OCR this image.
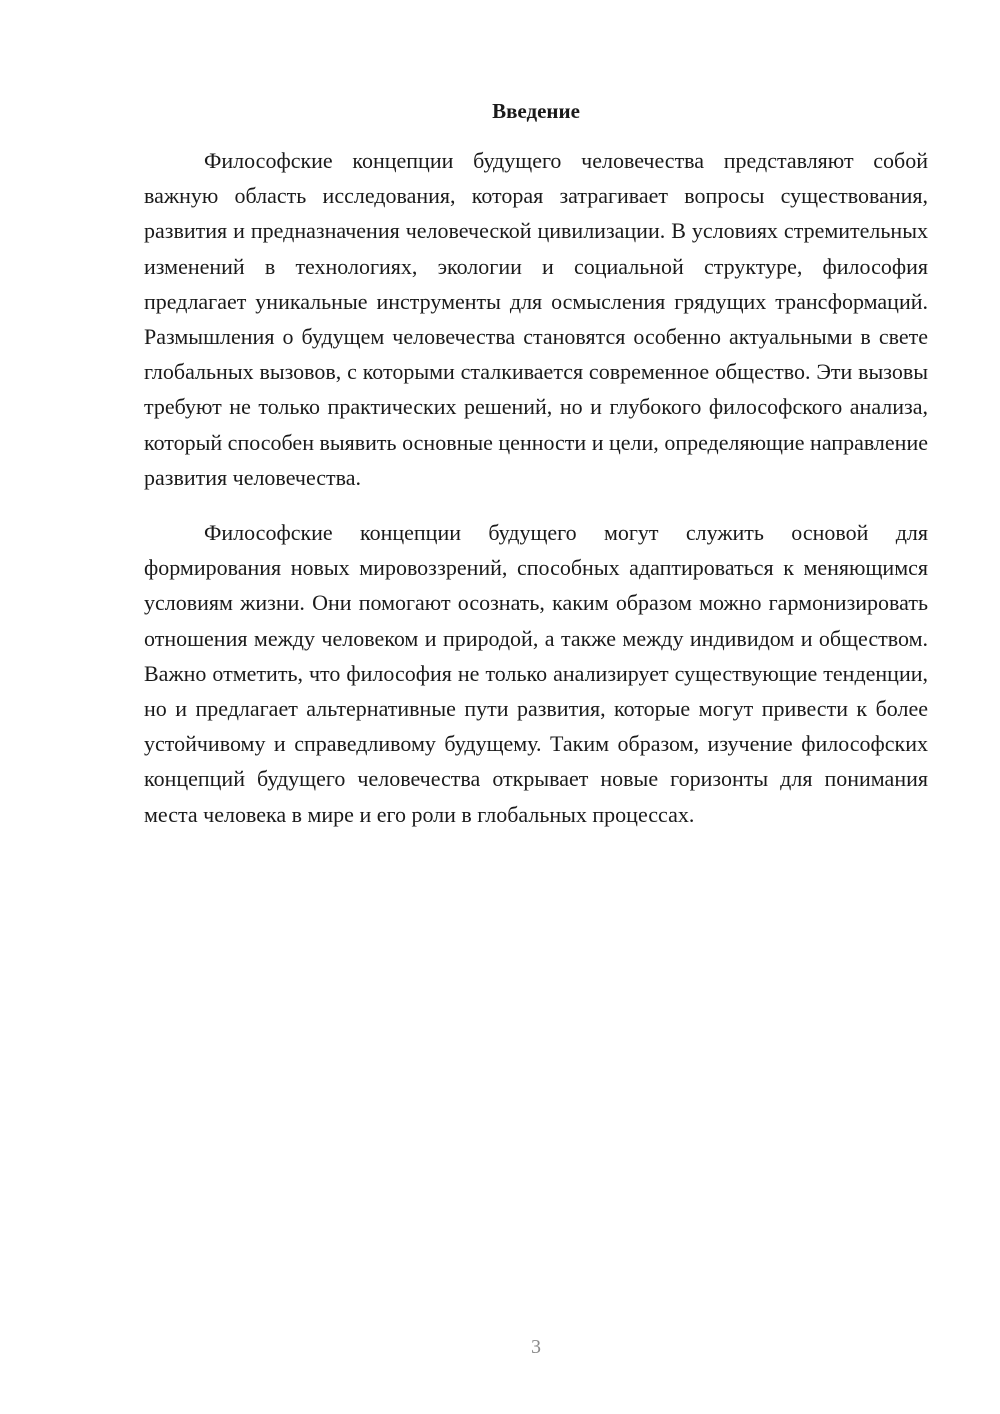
Введение

Философские концепции будущего человечества представляют собой важную область исследования, которая затрагивает вопросы существования, развития и предназначения человеческой цивилизации. В условиях стремительных изменений в технологиях, экологии и социальной структуре, философия предлагает уникальные инструменты для осмысления грядущих трансформаций. Размышления о будущем человечества становятся особенно актуальными в свете глобальных вызовов, с которыми сталкивается современное общество. Эти вызовы требуют не только практических решений, но и глубокого философского анализа, который способен выявить основные ценности и цели, определяющие направление развития человечества.

Философские концепции будущего могут служить основой для формирования новых мировоззрений, способных адаптироваться к меняющимся условиям жизни. Они помогают осознать, каким образом можно гармонизировать отношения между человеком и природой, а также между индивидом и обществом. Важно отметить, что философия не только анализирует существующие тенденции, но и предлагает альтернативные пути развития, которые могут привести к более устойчивому и справедливому будущему. Таким образом, изучение философских концепций будущего человечества открывает новые горизонты для понимания места человека в мире и его роли в глобальных процессах.

3
